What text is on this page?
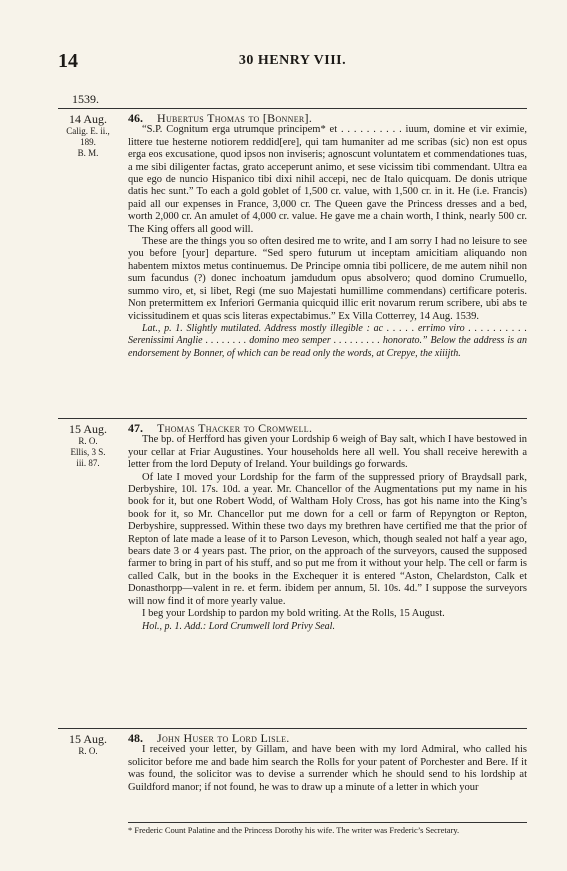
14	30 HENRY VIII.
1539.
14 Aug.
Calig. E. ii.,
189.
B. M.
46. Hubertus Thomas to [Bonner].

“S.P. Cognitum erga utrumque principem* et . . . . . . . . . . iuum, domine et vir eximie, littere tue hesterne notiorem reddid[ere], qui tam humaniter ad me scribas (sic) non est opus erga eos excusatione, quod ipsos non inviseris; agnoscunt voluntatem et commendationes tuas, a me sibi diligenter factas, grato acceperunt animo, et sese vicissim tibi commendant. Ultra ea que ego de nuncio Hispanico tibi dixi nihil accepi, nec de Italo quicquam. De donis utrique datis hec sunt.” To each a gold goblet of 1,500 cr. value, with 1,500 cr. in it. He (i.e. Francis) paid all our expenses in France, 3,000 cr. The Queen gave the Princess dresses and a bed, worth 2,000 cr. An amulet of 4,000 cr. value. He gave me a chain worth, I think, nearly 500 cr. The King offers all good will.

These are the things you so often desired me to write, and I am sorry I had no leisure to see you before [your] departure. “Sed spero futurum ut inceptam amicitiam aliquando non habentem mixtos metus continuemus. De Principe omnia tibi pollicere, de me autem nihil non sum facundus (?) donec inchoatum jamdudum opus absolvero; quod domino Crumuello, summo viro, et, si libet, Regi (me suo Majestati humillime commendans) certificare poteris. Non pretermittem ex Inferiori Germania quicquid illic erit novarum rerum scribere, ubi abs te vicissitudinem et quas scis literas expectabimus.” Ex Villa Cotterrey, 14 Aug. 1539.

Lat., p. 1. Slightly mutilated. Address mostly illegible : ac . . . . . errimo viro . . . . . . . . . . Serenissimi Anglie . . . . . . . . domino meo semper . . . . . . . . . honorato.” Below the address is an endorsement by Bonner, of which can be read only the words, at Crepye, the xiiijth.

15 Aug.
R. O.
Ellis, 3 S.
iii. 87.
47. Thomas Thacker to Cromwell.

The bp. of Herfford has given your Lordship 6 weigh of Bay salt, which I have bestowed in your cellar at Friar Augustines. Your households here all well. You shall receive herewith a letter from the lord Deputy of Ireland. Your buildings go forwards.

Of late I moved your Lordship for the farm of the suppressed priory of Braydsall park, Derbyshire, 10l. 17s. 10d. a year. Mr. Chancellor of the Augmentations put my name in his book for it, but one Robert Wodd, of Waltham Holy Cross, has got his name into the King’s book for it, so Mr. Chancellor put me down for a cell or farm of Repyngton or Repton, Derbyshire, suppressed. Within these two days my brethren have certified me that the prior of Repton of late made a lease of it to Parson Leveson, which, though sealed not half a year ago, bears date 3 or 4 years past. The prior, on the approach of the surveyors, caused the supposed farmer to bring in part of his stuff, and so put me from it without your help. The cell or farm is called Calk, but in the books in the Exchequer it is entered “Aston, Chelardston, Calk et Donasthorpp—valent in re. et ferm. ibidem per annum, 5l. 10s. 4d.” I suppose the surveyors will now find it of more yearly value.

I beg your Lordship to pardon my bold writing. At the Rolls, 15 August.

Hol., p. 1. Add.: Lord Crumwell lord Privy Seal.

15 Aug.
R. O.
48. John Huser to Lord Lisle.

I received your letter, by Gillam, and have been with my lord Admiral, who called his solicitor before me and bade him search the Rolls for your patent of Porchester and Bere. If it was found, the solicitor was to devise a surrender which he should send to his lordship at Guildford manor; if not found, he was to draw up a minute of a letter in which your

* Frederic Count Palatine and the Princess Dorothy his wife. The writer was Frederic’s Secretary.
